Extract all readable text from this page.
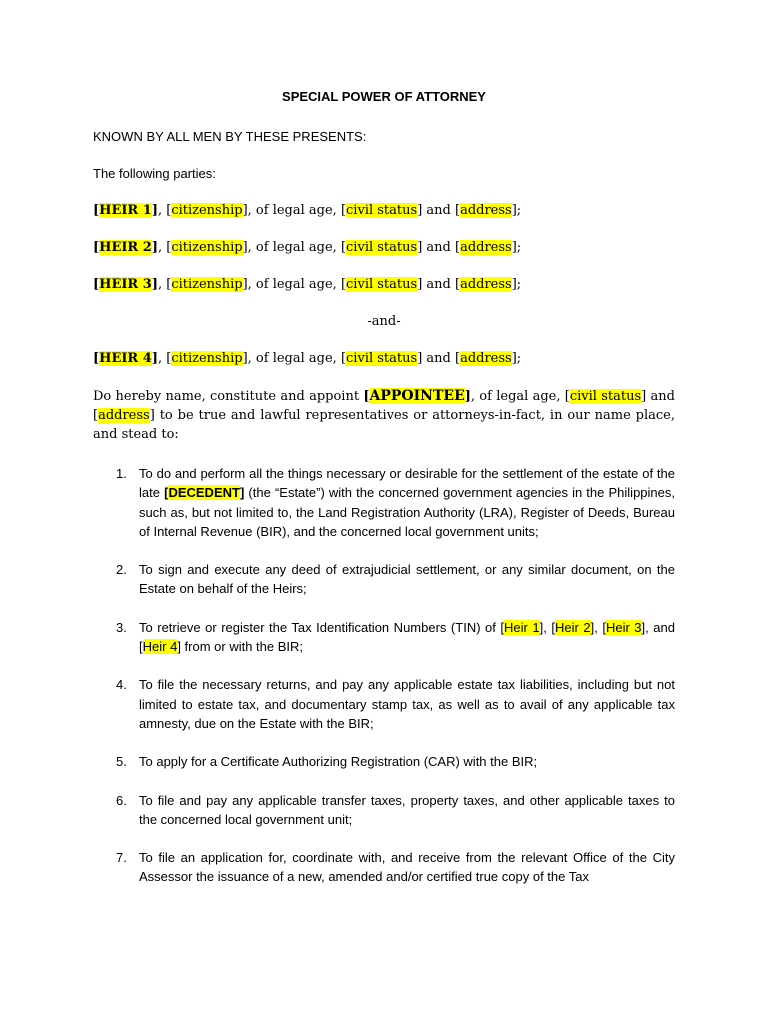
SPECIAL POWER OF ATTORNEY

KNOWN BY ALL MEN BY THESE PRESENTS:

The following parties:

[HEIR 1], [citizenship], of legal age, [civil status] and [address];

[HEIR 2], [citizenship], of legal age, [civil status] and [address];

[HEIR 3], [citizenship], of legal age, [civil status] and [address];

-and-

[HEIR 4], [citizenship], of legal age, [civil status] and [address];

Do hereby name, constitute and appoint [APPOINTEE], of legal age, [civil status] and [address] to be true and lawful representatives or attorneys-in-fact, in our name place, and stead to:

1. To do and perform all the things necessary or desirable for the settlement of the estate of the late [DECEDENT] (the “Estate”) with the concerned government agencies in the Philippines, such as, but not limited to, the Land Registration Authority (LRA), Register of Deeds, Bureau of Internal Revenue (BIR), and the concerned local government units;
2. To sign and execute any deed of extrajudicial settlement, or any similar document, on the Estate on behalf of the Heirs;
3. To retrieve or register the Tax Identification Numbers (TIN) of [Heir 1], [Heir 2], [Heir 3], and [Heir 4] from or with the BIR;
4. To file the necessary returns, and pay any applicable estate tax liabilities, including but not limited to estate tax, and documentary stamp tax, as well as to avail of any applicable tax amnesty, due on the Estate with the BIR;
5. To apply for a Certificate Authorizing Registration (CAR) with the BIR;
6. To file and pay any applicable transfer taxes, property taxes, and other applicable taxes to the concerned local government unit;
7. To file an application for, coordinate with, and receive from the relevant Office of the City Assessor the issuance of a new, amended and/or certified true copy of the Tax
